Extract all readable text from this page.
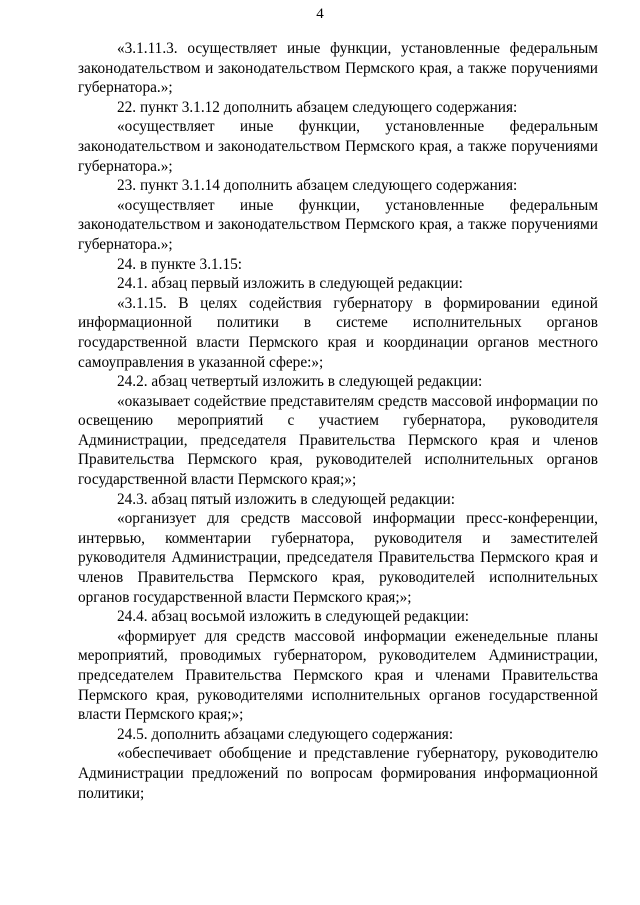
4

«3.1.11.3. осуществляет иные функции, установленные федеральным законодательством и законодательством Пермского края, а также поручениями губернатора.»;

22. пункт 3.1.12 дополнить абзацем следующего содержания:

«осуществляет иные функции, установленные федеральным законодательством и законодательством Пермского края, а также поручениями губернатора.»;

23. пункт 3.1.14 дополнить абзацем следующего содержания:

«осуществляет иные функции, установленные федеральным законодательством и законодательством Пермского края, а также поручениями губернатора.»;

24. в пункте 3.1.15:

24.1. абзац первый изложить в следующей редакции:

«3.1.15. В целях содействия губернатору в формировании единой информационной политики в системе исполнительных органов государственной власти Пермского края и координации органов местного самоуправления в указанной сфере:»;

24.2. абзац четвертый изложить в следующей редакции:

«оказывает содействие представителям средств массовой информации по освещению мероприятий с участием губернатора, руководителя Администрации, председателя Правительства Пермского края и членов Правительства Пермского края, руководителей исполнительных органов государственной власти Пермского края;»;

24.3. абзац пятый изложить в следующей редакции:

«организует для средств массовой информации пресс-конференции, интервью, комментарии губернатора, руководителя и заместителей руководителя Администрации, председателя Правительства Пермского края и членов Правительства Пермского края, руководителей исполнительных органов государственной власти Пермского края;»;

24.4. абзац восьмой изложить в следующей редакции:

«формирует для средств массовой информации еженедельные планы мероприятий, проводимых губернатором, руководителем Администрации, председателем Правительства Пермского края и членами Правительства Пермского края, руководителями исполнительных органов государственной власти Пермского края;»;

24.5. дополнить абзацами следующего содержания:

«обеспечивает обобщение и представление губернатору, руководителю Администрации предложений по вопросам формирования информационной политики;
